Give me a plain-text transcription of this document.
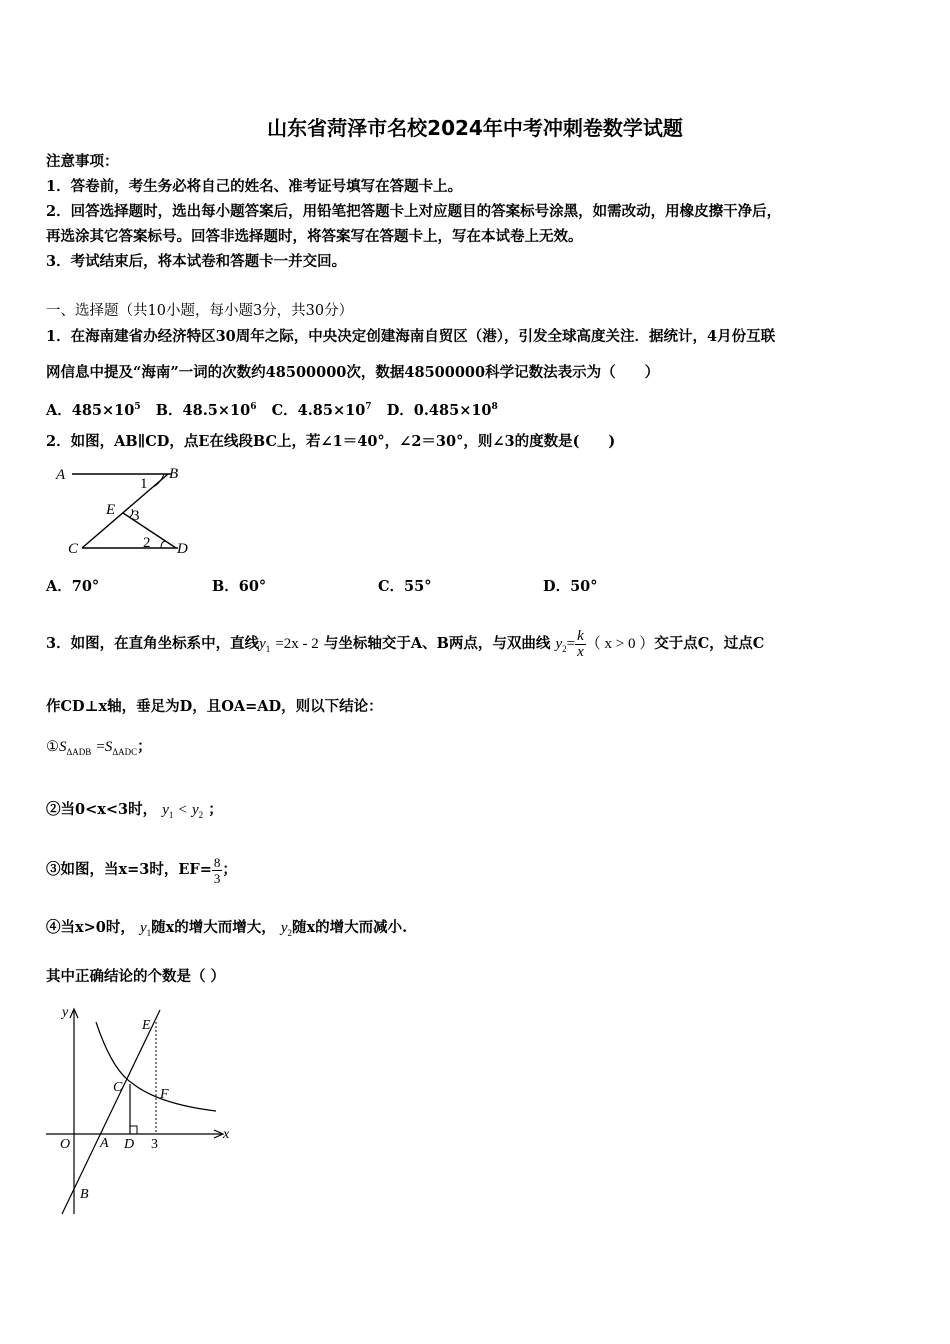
山东省菏泽市名校2024年中考冲刺卷数学试题
注意事项：
1．答卷前，考生务必将自己的姓名、准考证号填写在答题卡上。
2．回答选择题时，选出每小题答案后，用铅笔把答题卡上对应题目的答案标号涂黑，如需改动，用橡皮擦干净后，
再选涂其它答案标号。回答非选择题时，将答案写在答题卡上，写在本试卷上无效。
3．考试结束后，将本试卷和答题卡一并交回。
一、选择题（共10小题，每小题3分，共30分）
1．在海南建省办经济特区30周年之际，中央决定创建海南自贸区（港），引发全球高度关注．据统计，4月份互联
网信息中提及“海南”一词的次数约48500000次，数据48500000科学记数法表示为（　　）
A．$485\times 10^5$ B．$48.5\times 10^6$ C．$4.85\times 10^7$ D．$0.485\times 10^8$
2．如图，AB∥CD，点E在线段BC上，若∠1＝40°，∠2＝30°，则∠3的度数是(　　)
A	B
C	D
E
1
2
3
A．70°	B．60°	C．55°	D．50°
3．如图，在直角坐标系中，直线$y_1 =2x - 2$ 与坐标轴交于A、B两点，与双曲线 $y_2= \frac{k}{x}$ （ x > 0 ）交于点C，过点C
作CD⊥x轴，垂足为D，且OA=AD，则以下结论：
$①S_{\Delta ADB} =S_{\Delta ADC}$；
②当0<x<3时， $y_1 < y_2$ ；
③如图，当x=3时，$EF= \frac{8}{3}$ ；
④当x>0时， $y_1$随x的增大而增大， $y_2$随x的增大而减小.
其中正确结论的个数是（ ）
y
x
O A
B
C
D
E
F
3
